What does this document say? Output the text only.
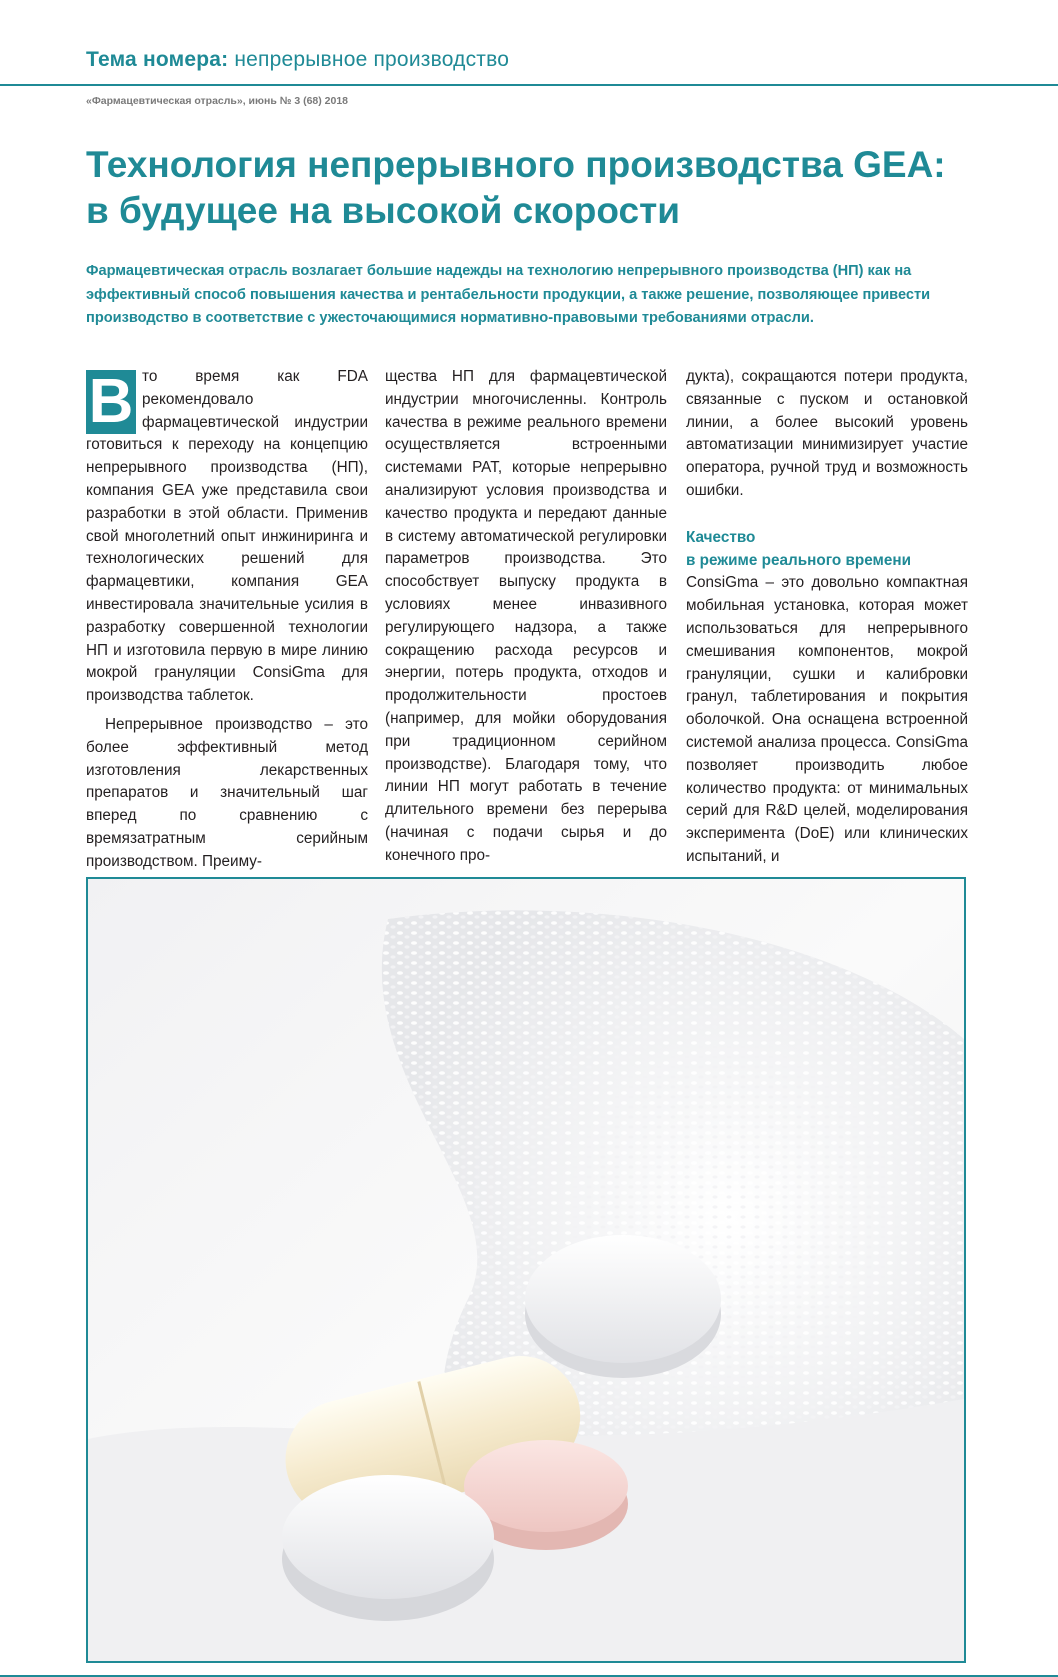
Тема номера: непрерывное производство
«Фармацевтическая отрасль», июнь № 3 (68) 2018
Технология непрерывного производства GEA:
в будущее на высокой скорости
Фармацевтическая отрасль возлагает большие надежды на технологию непрерывного производства (НП) как на эффективный способ повышения качества и рентабельности продукции, а также решение, позволяющее привести производство в соответствие с ужесточающимися нормативно-правовыми требованиями отрасли.

В то время как FDA рекомендовало фармацевтической индустрии готовиться к переходу на концепцию непрерывного производства (НП), компания GEA уже представила свои разработки в этой области. Применив свой многолетний опыт инжиниринга и технологических решений для фармацевтики, компания GEA инвестировала значительные усилия в разработку совершенной технологии НП и изготовила первую в мире линию мокрой грануляции ConsiGma для производства таблеток.

Непрерывное производство – это более эффективный метод изготовления лекарственных препаратов и значительный шаг вперед по сравнению с времязатратным серийным производством. Преиму-

щества НП для фармацевтической индустрии многочисленны. Контроль качества в режиме реального времени осуществляется встроенными системами PAT, которые непрерывно анализируют условия производства и качество продукта и передают данные в систему автоматической регулировки параметров производства. Это способствует выпуску продукта в условиях менее инвазивного регулирующего надзора, а также сокращению расхода ресурсов и энергии, потерь продукта, отходов и продолжительности простоев (например, для мойки оборудования при традиционном серийном производстве). Благодаря тому, что линии НП могут работать в течение длительного времени без перерыва (начиная с подачи сырья и до конечного про-

дукта), сокращаются потери продукта, связанные с пуском и остановкой линии, а более высокий уровень автоматизации минимизирует участие оператора, ручной труд и возможность ошибки.

Качество
в режиме реального времени

ConsiGma – это довольно компактная мобильная установка, которая может использоваться для непрерывного смешивания компонентов, мокрой грануляции, сушки и калибровки гранул, таблетирования и покрытия оболочкой. Она оснащена встроенной системой анализа процесса. ConsiGma позволяет производить любое количество продукта: от минимальных серий для R&D целей, моделирования эксперимента (DoE) или клинических испытаний, и
